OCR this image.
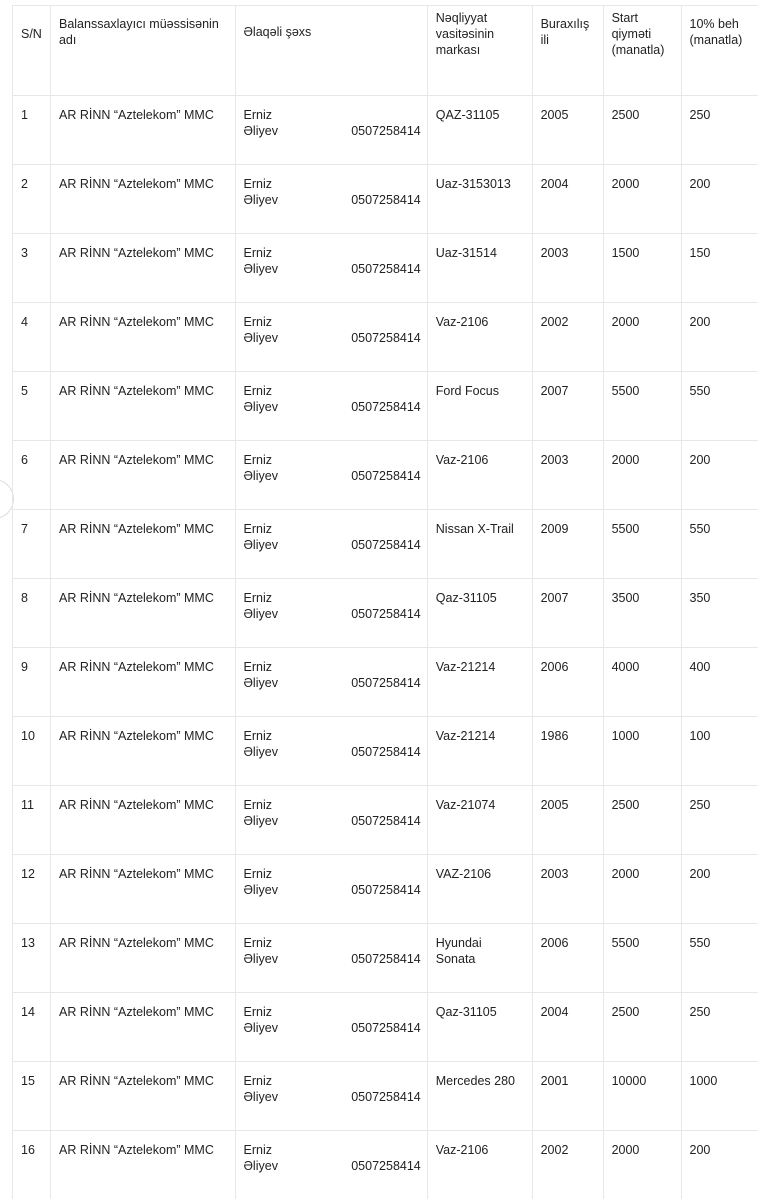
S/N	Balanssaxlayıcı müəssisənin adı	Əlaqəli şəxs	Nəqliyyat vasitəsinin markası	Buraxılış ili	Start qiymәti (manatla)	10% beh (manatla)
1	AR RİNN “Aztelekom” MMC	Erniz
Əliyev 0507258414	QAZ-31105	2005	2500	250
2	AR RİNN “Aztelekom” MMC	Erniz
Əliyev 0507258414	Uaz-3153013	2004	2000	200
3	AR RİNN “Aztelekom” MMC	Erniz
Əliyev 0507258414	Uaz-31514	2003	1500	150
4	AR RİNN “Aztelekom” MMC	Erniz
Əliyev 0507258414	Vaz-2106	2002	2000	200
5	AR RİNN “Aztelekom” MMC	Erniz
Əliyev 0507258414	Ford Focus	2007	5500	550
6	AR RİNN “Aztelekom” MMC	Erniz
Əliyev 0507258414	Vaz-2106	2003	2000	200
7	AR RİNN “Aztelekom” MMC	Erniz
Əliyev 0507258414	Nissan X-Trail	2009	5500	550
8	AR RİNN “Aztelekom” MMC	Erniz
Əliyev 0507258414	Qaz-31105	2007	3500	350
9	AR RİNN “Aztelekom” MMC	Erniz
Əliyev 0507258414	Vaz-21214	2006	4000	400
10	AR RİNN “Aztelekom” MMC	Erniz
Əliyev 0507258414	Vaz-21214	1986	1000	100
11	AR RİNN “Aztelekom” MMC	Erniz
Əliyev 0507258414	Vaz-21074	2005	2500	250
12	AR RİNN “Aztelekom” MMC	Erniz
Əliyev 0507258414	VAZ-2106	2003	2000	200
13	AR RİNN “Aztelekom” MMC	Erniz
Əliyev 0507258414	Hyundai Sonata	2006	5500	550
14	AR RİNN “Aztelekom” MMC	Erniz
Əliyev 0507258414	Qaz-31105	2004	2500	250
15	AR RİNN “Aztelekom” MMC	Erniz
Əliyev 0507258414	Mercedes 280	2001	10000	1000
16	AR RİNN “Aztelekom” MMC	Erniz
Əliyev 0507258414	Vaz-2106	2002	2000	200
